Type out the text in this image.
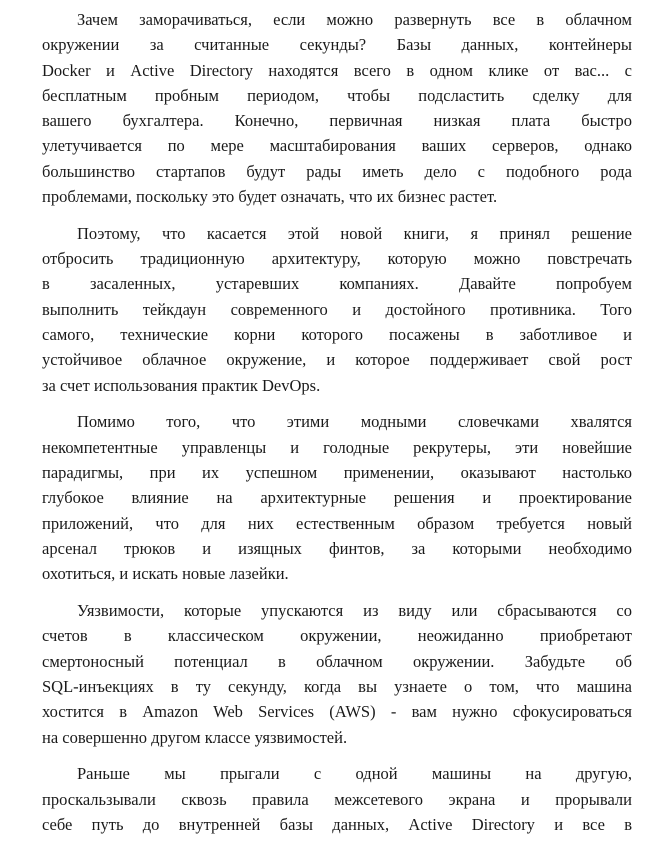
Зачем заморачиваться, если можно развернуть все в облачном
окружении за считанные секунды? Базы данных, контейнеры
Docker и Active Directory находятся всего в одном клике от вас... с
бесплатным пробным периодом, чтобы подсластить сделку для
вашего бухгалтера. Конечно, первичная низкая плата быстро
улетучивается по мере масштабирования ваших серверов, однако
большинство стартапов будут рады иметь дело с подобного рода
проблемами, поскольку это будет означать, что их бизнес растет.
Поэтому, что касается этой новой книги, я принял решение
отбросить традиционную архитектуру, которую можно повстречать
в засаленных, устаревших компаниях. Давайте попробуем
выполнить тейкдаун современного и достойного противника. Того
самого, технические корни которого посажены в заботливое и
устойчивое облачное окружение, и которое поддерживает свой рост
за счет использования практик DevOps.
Помимо того, что этими модными словечками хвалятся
некомпетентные управленцы и голодные рекрутеры, эти новейшие
парадигмы, при их успешном применении, оказывают настолько
глубокое влияние на архитектурные решения и проектирование
приложений, что для них естественным образом требуется новый
арсенал трюков и изящных финтов, за которыми необходимо
охотиться, и искать новые лазейки.
Уязвимости, которые упускаются из виду или сбрасываются со
счетов в классическом окружении, неожиданно приобретают
смертоносный потенциал в облачном окружении. Забудьте об
SQL-инъекциях в ту секунду, когда вы узнаете о том, что машина
хостится в Amazon Web Services (AWS) - вам нужно сфокусироваться
на совершенно другом классе уязвимостей.
Раньше мы прыгали с одной машины на другую,
проскальзывали сквозь правила межсетевого экрана и прорывали
себе путь до внутренней базы данных, Active Directory и все в
